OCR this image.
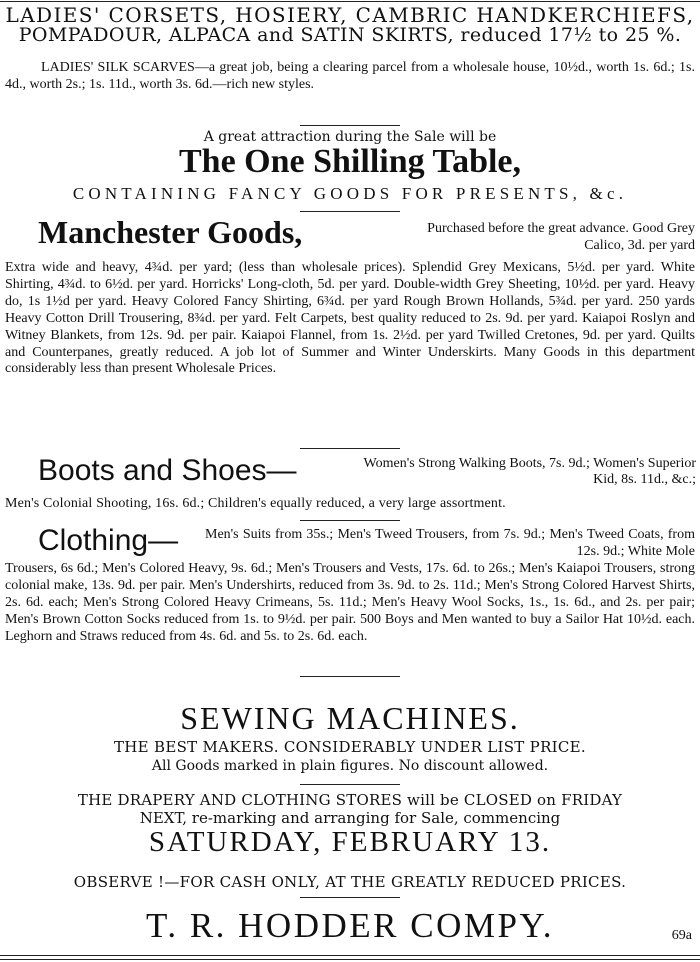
LADIES' CORSETS, HOSIERY, CAMBRIC HANDKERCHIEFS,
POMPADOUR, ALPACA and SATIN SKIRTS, reduced 17½ to 25 %.
LADIES' SILK SCARVES—a great job, being a clearing parcel from a wholesale house, 10½d., worth 1s. 6d.; 1s. 4d., worth 2s.; 1s. 11d., worth 3s. 6d.—rich new styles.
A great attraction during the Sale will be
The One Shilling Table,
CONTAINING FANCY GOODS FOR PRESENTS, &c.
Manchester Goods,	Purchased before the great advance. Good Grey Calico, 3d. per yard
Extra wide and heavy, 4¾d. per yard; (less than wholesale prices). Splendid Grey Mexicans, 5½d. per yard. White Shirting, 4¾d. to 6½d. per yard. Horricks' Long-cloth, 5d. per yard. Double-width Grey Sheeting, 10½d. per yard. Heavy do, 1s 1½d per yard. Heavy Colored Fancy Shirting, 6¾d. per yard Rough Brown Hollands, 5¾d. per yard. 250 yards Heavy Cotton Drill Trousering, 8¾d. per yard. Felt Carpets, best quality reduced to 2s. 9d. per yard. Kaiapoi Roslyn and Witney Blankets, from 12s. 9d. per pair. Kaiapoi Flannel, from 1s. 2½d. per yard Twilled Cretones, 9d. per yard. Quilts and Counterpanes, greatly reduced. A job lot of Summer and Winter Underskirts. Many Goods in this department considerably less than present Wholesale Prices.
Boots and Shoes—	Women's Strong Walking Boots, 7s. 9d.; Women's Superior Kid, 8s. 11d., &c.;
Men's Colonial Shooting, 16s. 6d.; Children's equally reduced, a very large assortment.
Clothing— Men's Suits from 35s.; Men's Tweed Trousers, from 7s. 9d.; Men's Tweed Coats, from 12s. 9d.; White Mole
Trousers, 6s 6d.; Men's Colored Heavy, 9s. 6d.; Men's Trousers and Vests, 17s. 6d. to 26s.; Men's Kaiapoi Trousers, strong colonial make, 13s. 9d. per pair. Men's Undershirts, reduced from 3s. 9d. to 2s. 11d.; Men's Strong Colored Harvest Shirts, 2s. 6d. each; Men's Strong Colored Heavy Crimeans, 5s. 11d.; Men's Heavy Wool Socks, 1s., 1s. 6d., and 2s. per pair; Men's Brown Cotton Socks reduced from 1s. to 9½d. per pair. 500 Boys and Men wanted to buy a Sailor Hat 10½d. each. Leghorn and Straws reduced from 4s. 6d. and 5s. to 2s. 6d. each.
SEWING MACHINES.
THE BEST MAKERS. CONSIDERABLY UNDER LIST PRICE.
All Goods marked in plain figures. No discount allowed.
THE DRAPERY AND CLOTHING STORES will be CLOSED on FRIDAY
NEXT, re-marking and arranging for Sale, commencing
SATURDAY, FEBRUARY 13.
OBSERVE !—FOR CASH ONLY, AT THE GREATLY REDUCED PRICES.
T. R. HODDER COMPY.	69a
